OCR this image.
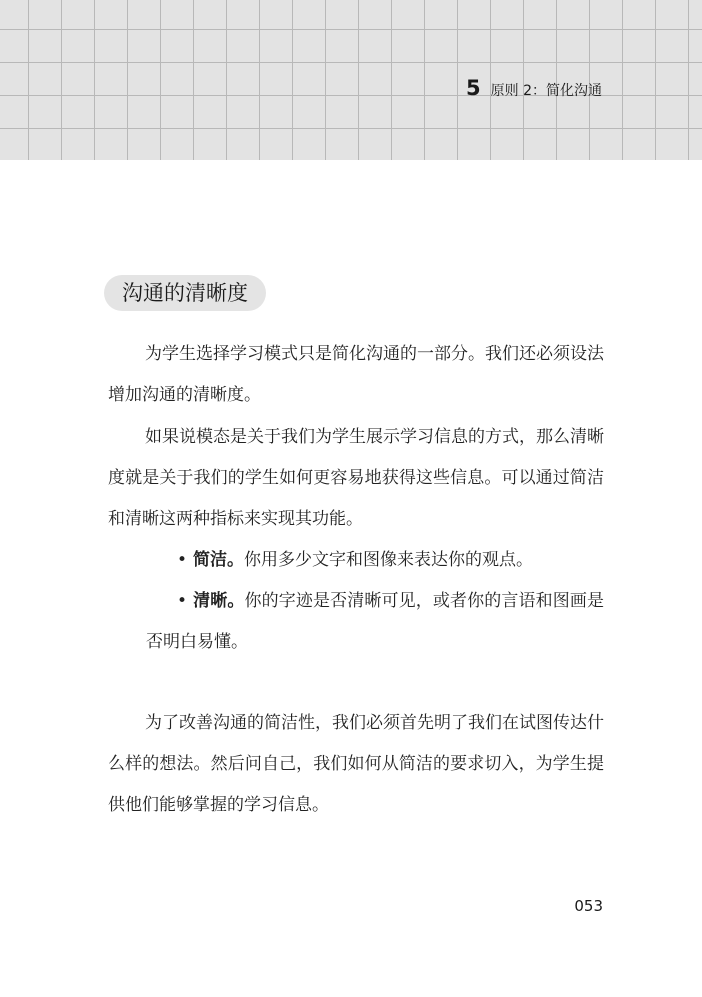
5 原则 2：简化沟通
沟通的清晰度

为学生选择学习模式只是简化沟通的一部分。我们还必须设法增加沟通的清晰度。

如果说模态是关于我们为学生展示学习信息的方式，那么清晰度就是关于我们的学生如何更容易地获得这些信息。可以通过简洁和清晰这两种指标来实现其功能。

• 简洁。你用多少文字和图像来表达你的观点。

• 清晰。你的字迹是否清晰可见，或者你的言语和图画是否明白易懂。

为了改善沟通的简洁性，我们必须首先明了我们在试图传达什么样的想法。然后问自己，我们如何从简洁的要求切入，为学生提供他们能够掌握的学习信息。

053
